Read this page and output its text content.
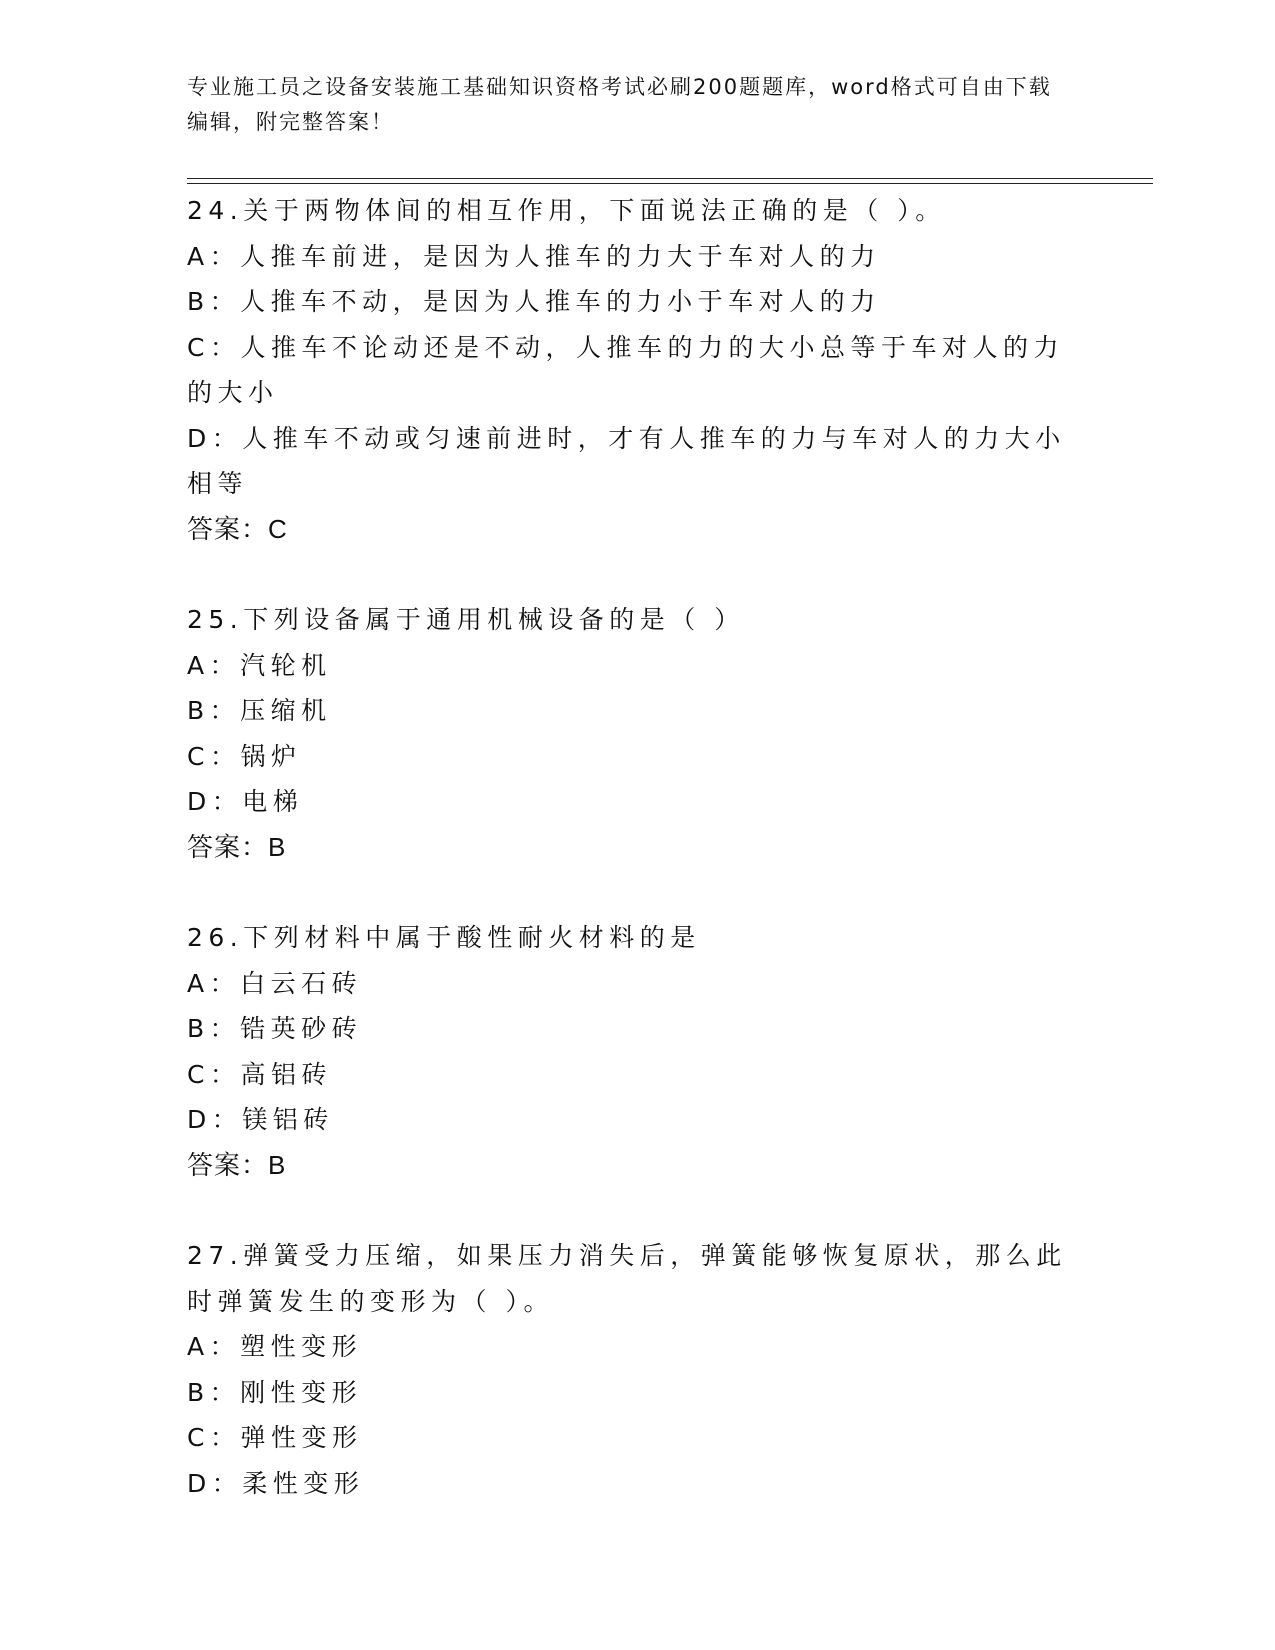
专业施工员之设备安装施工基础知识资格考试必刷200题题库，word格式可自由下载编辑，附完整答案！
24.关于两物体间的相互作用，下面说法正确的是（ ）。
A：人推车前进，是因为人推车的力大于车对人的力
B：人推车不动，是因为人推车的力小于车对人的力
C：人推车不论动还是不动，人推车的力的大小总等于车对人的力的大小
D：人推车不动或匀速前进时，才有人推车的力与车对人的力大小相等
答案：C
25.下列设备属于通用机械设备的是（ ）
A：汽轮机
B：压缩机
C：锅炉
D：电梯
答案：B
26.下列材料中属于酸性耐火材料的是
A：白云石砖
B：锆英砂砖
C：高铝砖
D：镁铝砖
答案：B
27.弹簧受力压缩，如果压力消失后，弹簧能够恢复原状，那么此时弹簧发生的变形为（ ）。
A：塑性变形
B：刚性变形
C：弹性变形
D：柔性变形
